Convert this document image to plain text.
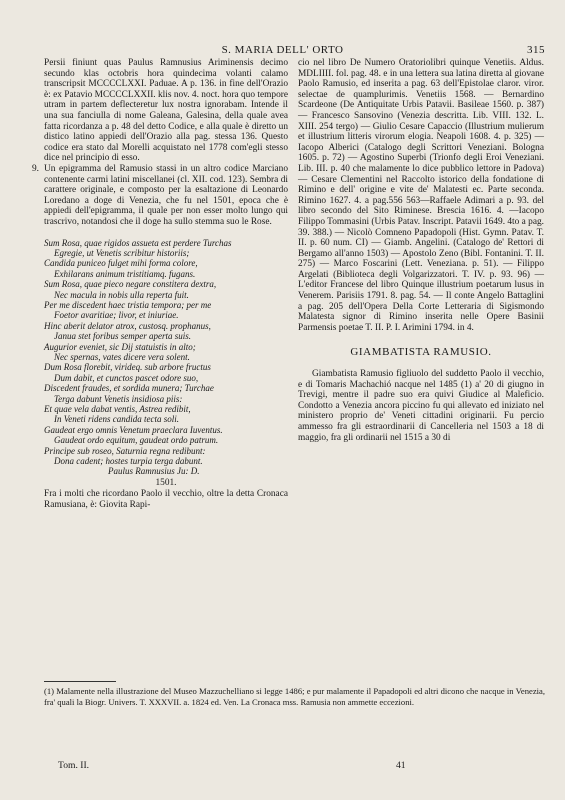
S. MARIA DELL' ORTO	315

Persii finiunt quas Paulus Ramnusius Ariminensis decimo secundo klas octobris hora quindecima volanti calamo transcripsit MCCCCLXXI. Paduae. A p. 136. in fine dell'Orazio è: ex Patavio MCCCCLXXII. klis nov. 4. noct. hora quo tempore utram in partem deflecteretur lux nostra ignorabam. Intende il una sua fanciulla di nome Galeana, Galesina, della quale avea fatta ricordanza a p. 48 del detto Codice, e alla quale è diretto un distico latino appiedi dell'Orazio alla pag. stessa 136. Questo codice era stato dal Morelli acquistato nel 1778 com'egli stesso dice nel principio di esso.

9. Un epigramma del Ramusio stassi in un altro codice Marciano contenente carmi latini miscellanei (cl. XII. cod. 123). Sembra di carattere originale, e composto per la esaltazione di Leonardo Loredano a doge di Venezia, che fu nel 1501, epoca che è appiedi dell'epigramma, il quale per non esser molto lungo qui trascrivo, notandosi che il doge ha sullo stemma suo le Rose.

Sum Rosa, quae rigidos assueta est perdere Turchas
Egregie, ut Venetis scribitur historiis;
Candida puniceo fulget mihi forma colore,
Exhilarans animum tristitiamq. fugans.
Sum Rosa, quae pieco negare constitera dextra,
Nec macula in nobis ulla reperta fuit.
Per me discedent haec tristia tempora; per me
Foetor avaritiae; livor, et iniuriae.
Hinc aberit delator atrox, custosq. prophanus,
Janua stet foribus semper aperta suis.
Augurior eveniet, sic Dij statuistis in alto;
Nec spernas, vates dicere vera solent.
Dum Rosa florebit, virideq. sub arbore fructus
Dum dabit, et cunctos pascet odore suo,
Discedent fraudes, et sordida munera; Turchae
Terga dabunt Venetis insidiosa piis:
Et quae vela dabat ventis, Astrea redibit,
In Veneti ridens candida tecta soli.
Gaudeat ergo omnis Venetum praeclara Iuventus.
Gaudeat ordo equitum, gaudeat ordo patrum.
Principe sub roseo, Saturnia regna redibunt:
Dona cadent; hostes turpia terga dabunt.
Paulus Ramnusius Ju: D.
1501.

Fra i molti che ricordano Paolo il vecchio, oltre la detta Cronaca Ramusiana, è: Giovita Rapi-

cio nel libro De Numero Oratoriolibri quinque Venetiis. Aldus. MDLIIII. fol. pag. 48. e in una lettera sua latina diretta al giovane Paolo Ramusio, ed inserita a pag. 63 dell'Epistolae claror. viror. selectae de quamplurimis. Venetiis 1568. — Bernardino Scardeone (De Antiquitate Urbis Patavii. Basileae 1560. p. 387) — Francesco Sansovino (Venezia descritta. Lib. VIII. 132. L. XIII. 254 tergo) — Giulio Cesare Capaccio (Illustrium mulierum et illustrium litteris virorum elogia. Neapoli 1608. 4. p. 325) — Iacopo Alberici (Catalogo degli Scrittori Veneziani. Bologna 1605. p. 72) — Agostino Superbi (Trionfo degli Eroi Veneziani. Lib. III. p. 40 che malamente lo dice pubblico lettore in Padova) — Cesare Clementini nel Raccolto istorico della fondatione di Rimino e dell' origine e vite de' Malatesti ec. Parte seconda. Rimino 1627. 4. a pag.556 563—Raffaele Adimari a p. 93. del libro secondo del Sito Riminese. Brescia 1616. 4. —Iacopo Filippo Tommasini (Urbis Patav. Inscript. Patavii 1649. 4to a pag. 39. 388.) — Nicolò Comneno Papadopoli (Hist. Gymn. Patav. T. II. p. 60 num. CI) — Giamb. Angelini. (Catalogo de' Rettori di Bergamo all'anno 1503) — Apostolo Zeno (Bibl. Fontanini. T. II. 275) — Marco Foscarini (Lett. Veneziana. p. 51). — Filippo Argelati (Biblioteca degli Volgarizzatori. T. IV. p. 93. 96) — L'editor Francese del libro Quinque illustrium poetarum lusus in Venerem. Parisiis 1791. 8. pag. 54. — Il conte Angelo Battaglini a pag. 205 dell'Opera Della Corte Letteraria di Sigismondo Malatesta signor di Rimino inserita nelle Opere Basinii Parmensis poetae T. II. P. I. Arimini 1794. in 4.

GIAMBATISTA RAMUSIO.

Giambatista Ramusio figliuolo del suddetto Paolo il vecchio, e di Tomaris Machachió nacque nel 1485 (1) a' 20 di giugno in Trevigi, mentre il padre suo era quivi Giudice al Maleficio. Condotto a Venezia ancora piccino fu qui allevato ed iniziato nel ministero proprio de' Veneti cittadini originarii. Fu percio ammesso fra gli estraordinarii di Cancelleria nel 1503 a 18 di maggio, fra gli ordinarii nel 1515 a 30 di

(1) Malamente nella illustrazione del Museo Mazzuchelliano si legge 1486; e pur malamente il Papadopoli ed altri dicono che nacque in Venezia, fra' quali la Biogr. Univers. T. XXXVII. a. 1824 ed. Ven. La Cronaca mss. Ramusia non ammette eccezioni.
Tom. II.	41
